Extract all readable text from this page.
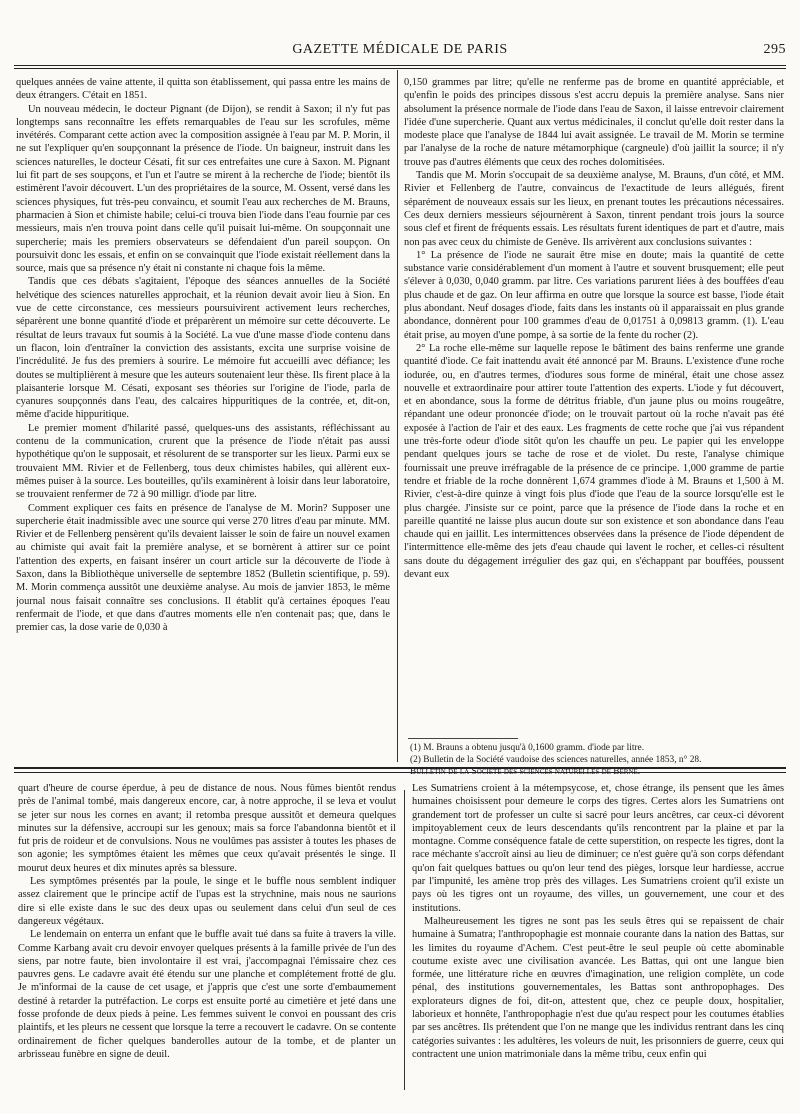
GAZETTE MÉDICALE DE PARIS	295

quelques années de vaine attente, il quitta son établissement, qui passa entre les mains de deux étrangers. C'était en 1851.

Un nouveau médecin, le docteur Pignant (de Dijon), se rendit à Saxon; il n'y fut pas longtemps sans reconnaître les effets remarquables de l'eau sur les scrofules, même invétérés. Comparant cette action avec la composition assignée à l'eau par M. P. Morin, il ne sut l'expliquer qu'en soupçonnant la présence de l'iode. Un baigneur, instruit dans les sciences naturelles, le docteur Césati, fit sur ces entrefaites une cure à Saxon. M. Pignant lui fit part de ses soupçons, et l'un et l'autre se mirent à la recherche de l'iode; bientôt ils estimèrent l'avoir découvert. L'un des propriétaires de la source, M. Ossent, versé dans les sciences physiques, fut très-peu convaincu, et soumit l'eau aux recherches de M. Brauns, pharmacien à Sion et chimiste habile; celui-ci trouva bien l'iode dans l'eau fournie par ces messieurs, mais n'en trouva point dans celle qu'il puisait lui-même. On soupçonnait une supercherie; mais les premiers observateurs se défendaient d'un pareil soupçon. On poursuivit donc les essais, et enfin on se convainquit que l'iode existait réellement dans la source, mais que sa présence n'y était ni constante ni chaque fois la même.

Tandis que ces débats s'agitaient, l'époque des séances annuelles de la Société helvétique des sciences naturelles approchait, et la réunion devait avoir lieu à Sion. En vue de cette circonstance, ces messieurs poursuivirent activement leurs recherches, séparèrent une bonne quantité d'iode et préparèrent un mémoire sur cette découverte. Le résultat de leurs travaux fut soumis à la Société. La vue d'une masse d'iode contenu dans un flacon, loin d'entraîner la conviction des assistants, excita une surprise voisine de l'incrédulité. Je fus des premiers à sourire. Le mémoire fut accueilli avec défiance; les doutes se multiplièrent à mesure que les auteurs soutenaient leur thèse. Ils firent place à la plaisanterie lorsque M. Césati, exposant ses théories sur l'origine de l'iode, parla de cyanures soupçonnés dans l'eau, des calcaires hippuritiques de la contrée, et, dit-on, même d'acide hippuritique.

Le premier moment d'hilarité passé, quelques-uns des assistants, réfléchissant au contenu de la communication, crurent que la présence de l'iode n'était pas aussi hypothétique qu'on le supposait, et résolurent de se transporter sur les lieux. Parmi eux se trouvaient MM. Rivier et de Fellenberg, tous deux chimistes habiles, qui allèrent eux-mêmes puiser à la source. Les bouteilles, qu'ils examinèrent à loisir dans leur laboratoire, se trouvaient renfermer de 72 à 90 milligr. d'iode par litre.

Comment expliquer ces faits en présence de l'analyse de M. Morin? Supposer une supercherie était inadmissible avec une source qui verse 270 litres d'eau par minute. MM. Rivier et de Fellenberg pensèrent qu'ils devaient laisser le soin de faire un nouvel examen au chimiste qui avait fait la première analyse, et se bornèrent à attirer sur ce point l'attention des experts, en faisant insérer un court article sur la découverte de l'iode à Saxon, dans la Bibliothèque universelle de septembre 1852 (Bulletin scientifique, p. 59). M. Morin commença aussitôt une deuxième analyse. Au mois de janvier 1853, le même journal nous faisait connaître ses conclusions. Il établit qu'à certaines époques l'eau renfermait de l'iode, et que dans d'autres moments elle n'en contenait pas; que, dans le premier cas, la dose varie de 0,030 à

0,150 grammes par litre; qu'elle ne renferme pas de brome en quantité appréciable, et qu'enfin le poids des principes dissous s'est accru depuis la première analyse. Sans nier absolument la présence normale de l'iode dans l'eau de Saxon, il laisse entrevoir clairement l'idée d'une supercherie. Quant aux vertus médicinales, il conclut qu'elle doit rester dans la modeste place que l'analyse de 1844 lui avait assignée. Le travail de M. Morin se termine par l'analyse de la roche de nature métamorphique (cargneule) d'où jaillit la source; il n'y trouve pas d'autres éléments que ceux des roches dolomitisées.

Tandis que M. Morin s'occupait de sa deuxième analyse, M. Brauns, d'un côté, et MM. Rivier et Fellenberg de l'autre, convaincus de l'exactitude de leurs allégués, firent séparément de nouveaux essais sur les lieux, en prenant toutes les précautions nécessaires. Ces deux derniers messieurs séjournèrent à Saxon, tinrent pendant trois jours la source sous clef et firent de fréquents essais. Les résultats furent identiques de part et d'autre, mais non pas avec ceux du chimiste de Genève. Ils arrivèrent aux conclusions suivantes :

1° La présence de l'iode ne saurait être mise en doute; mais la quantité de cette substance varie considérablement d'un moment à l'autre et souvent brusquement; elle peut s'élever à 0,030, 0,040 gramm. par litre. Ces variations parurent liées à des bouffées d'eau plus chaude et de gaz. On leur affirma en outre que lorsque la source est basse, l'iode était plus abondant. Neuf dosages d'iode, faits dans les instants où il apparaissait en plus grande abondance, donnèrent pour 100 grammes d'eau de 0,01751 à 0,09813 gramm. (1). L'eau était prise, au moyen d'une pompe, à sa sortie de la fente du rocher (2).

2° La roche elle-même sur laquelle repose le bâtiment des bains renferme une grande quantité d'iode. Ce fait inattendu avait été annoncé par M. Brauns. L'existence d'une roche iodurée, ou, en d'autres termes, d'iodures sous forme de minéral, était une chose assez nouvelle et extraordinaire pour attirer toute l'attention des experts. L'iode y fut découvert, et en abondance, sous la forme de détritus friable, d'un jaune plus ou moins rougeâtre, répandant une odeur prononcée d'iode; on le trouvait partout où la roche n'avait pas été exposée à l'action de l'air et des eaux. Les fragments de cette roche que j'ai vus répandent une très-forte odeur d'iode sitôt qu'on les chauffe un peu. Le papier qui les enveloppe pendant quelques jours se tache de rose et de violet. Du reste, l'analyse chimique fournissait une preuve irréfragable de la présence de ce principe. 1,000 gramme de partie tendre et friable de la roche donnèrent 1,674 grammes d'iode à M. Brauns et 1,500 à M. Rivier, c'est-à-dire quinze à vingt fois plus d'iode que l'eau de la source lorsqu'elle est le plus chargée. J'insiste sur ce point, parce que la présence de l'iode dans la roche et en pareille quantité ne laisse plus aucun doute sur son existence et son abondance dans l'eau chaude qui en jaillit. Les intermittences observées dans la présence de l'iode dépendent de l'intermittence elle-même des jets d'eau chaude qui lavent le rocher, et celles-ci résultent sans doute du dégagement irrégulier des gaz qui, en s'échappant par bouffées, poussent devant eux

(1) M. Brauns a obtenu jusqu'à 0,1600 gramm. d'iode par litre.

(2) Bulletin de la Société vaudoise des sciences naturelles, année 1853, n° 28.

Bulletin de la Société des sciences naturelles de Berne.

quart d'heure de course éperdue, à peu de distance de nous. Nous fûmes bientôt rendus près de l'animal tombé, mais dangereux encore, car, à notre approche, il se leva et voulut se jeter sur nous les cornes en avant; il retomba presque aussitôt et demeura quelques minutes sur la défensive, accroupi sur les genoux; mais sa force l'abandonna bientôt et il fut pris de roideur et de convulsions. Nous ne voulûmes pas assister à toutes les phases de son agonie; les symptômes étaient les mêmes que ceux qu'avait présentés le singe. Il mourut deux heures et dix minutes après sa blessure.

Les symptômes présentés par la poule, le singe et le buffle nous semblent indiquer assez clairement que le principe actif de l'upas est la strychnine, mais nous ne saurions dire si elle existe dans le suc des deux upas ou seulement dans celui d'un seul de ces dangereux végétaux.

Le lendemain on enterra un enfant que le buffle avait tué dans sa fuite à travers la ville. Comme Karbang avait cru devoir envoyer quelques présents à la famille privée de l'un des siens, par notre faute, bien involontaire il est vrai, j'accompagnai l'émissaire chez ces pauvres gens. Le cadavre avait été étendu sur une planche et complétement frotté de glu. Je m'informai de la cause de cet usage, et j'appris que c'est une sorte d'embaumement destiné à retarder la putréfaction. Le corps est ensuite porté au cimetière et jeté dans une fosse profonde de deux pieds à peine. Les femmes suivent le convoi en poussant des cris plaintifs, et les pleurs ne cessent que lorsque la terre a recouvert le cadavre. On se contente ordinairement de ficher quelques banderolles autour de la tombe, et de planter un arbrisseau funèbre en signe de deuil.

Les Sumatriens croient à la métempsycose, et, chose étrange, ils pensent que les âmes humaines choisissent pour demeure le corps des tigres. Certes alors les Sumatriens ont grandement tort de professer un culte si sacré pour leurs ancêtres, car ceux-ci dévorent impitoyablement ceux de leurs descendants qu'ils rencontrent par la plaine et par la montagne. Comme conséquence fatale de cette superstition, on respecte les tigres, dont la race méchante s'accroît ainsi au lieu de diminuer; ce n'est guère qu'à son corps défendant qu'on fait quelques battues ou qu'on leur tend des pièges, lorsque leur hardiesse, accrue par l'impunité, les amène trop près des villages. Les Sumatriens croient qu'il existe un pays où les tigres ont un royaume, des villes, un gouvernement, une cour et des institutions.

Malheureusement les tigres ne sont pas les seuls êtres qui se repaissent de chair humaine à Sumatra; l'anthropophagie est monnaie courante dans la nation des Battas, sur les limites du royaume d'Achem. C'est peut-être le seul peuple où cette abominable coutume existe avec une civilisation avancée. Les Battas, qui ont une langue bien formée, une littérature riche en œuvres d'imagination, une religion complète, un code pénal, des institutions gouvernementales, les Battas sont anthropophages. Des explorateurs dignes de foi, dit-on, attestent que, chez ce peuple doux, hospitalier, laborieux et honnête, l'anthropophagie n'est due qu'au respect pour les coutumes établies par ses ancêtres. Ils prétendent que l'on ne mange que les individus rentrant dans les cinq catégories suivantes : les adultères, les voleurs de nuit, les prisonniers de guerre, ceux qui contractent une union matrimoniale dans la même tribu, ceux enfin qui
